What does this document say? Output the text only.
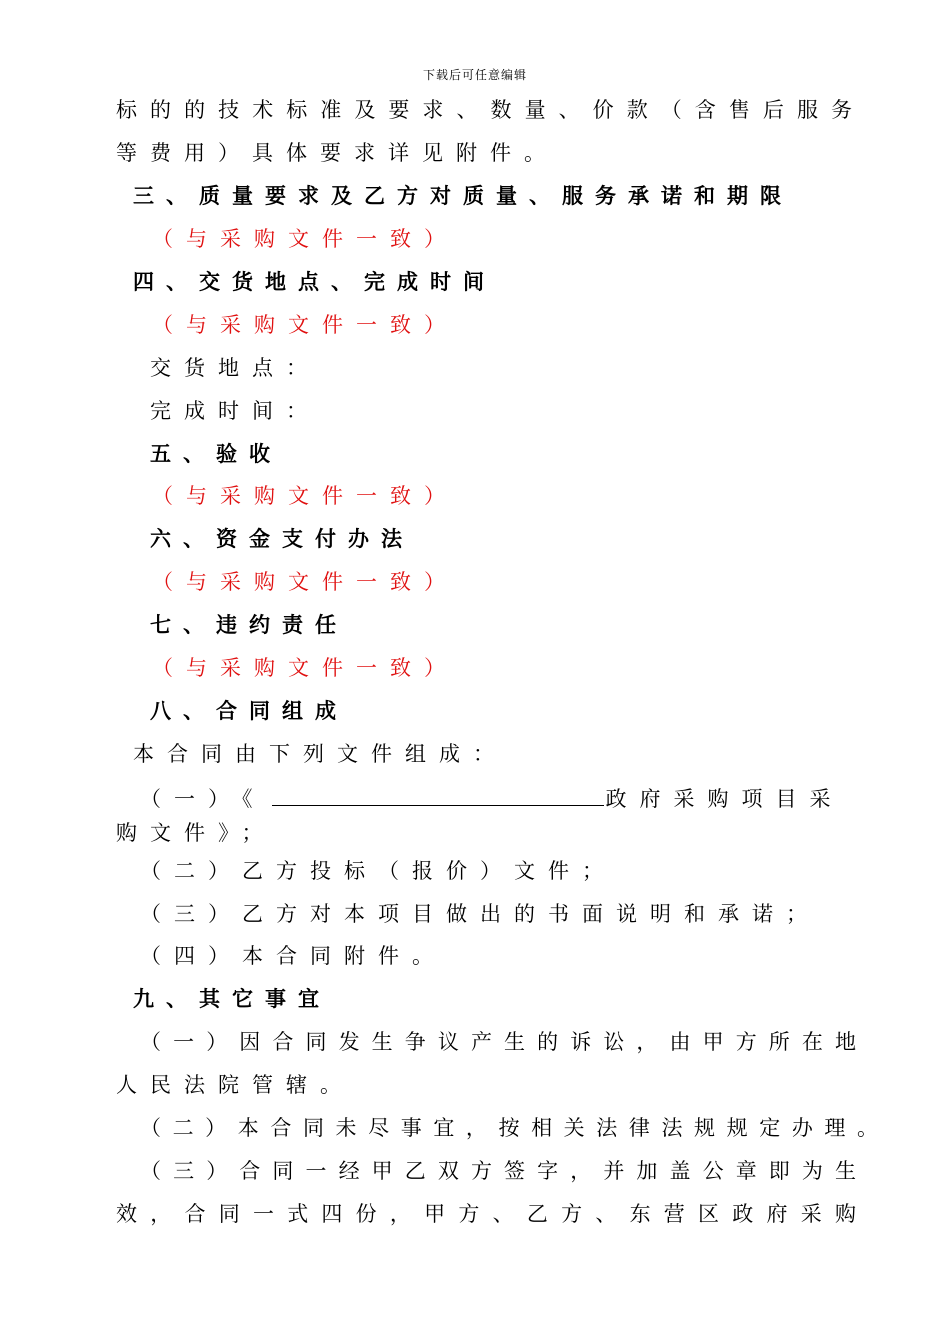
下载后可任意编辑
标的的技术标准及要求、数量、价款（含售后服务
等费用）具体要求详见附件。
三、质量要求及乙方对质量、服务承诺和期限
（与采购文件一致）
四、交货地点、完成时间
（与采购文件一致）
交货地点：
完成时间：
五、验收
（与采购文件一致）
六、资金支付办法
（与采购文件一致）
七、违约责任
（与采购文件一致）
八、合同组成
本合同由下列文件组成：
（一）《	政府采购项目采
购文件》；
（二）乙方投标（报价）文件；
（三）乙方对本项目做出的书面说明和承诺；
（四）本合同附件。
九、其它事宜
（一）因合同发生争议产生的诉讼，由甲方所在地
人民法院管辖。
（二）本合同未尽事宜，按相关法律法规规定办理。
（三）合同一经甲乙双方签字，并加盖公章即为生
效，合同一式四份，甲方、乙方、东营区政府采购
